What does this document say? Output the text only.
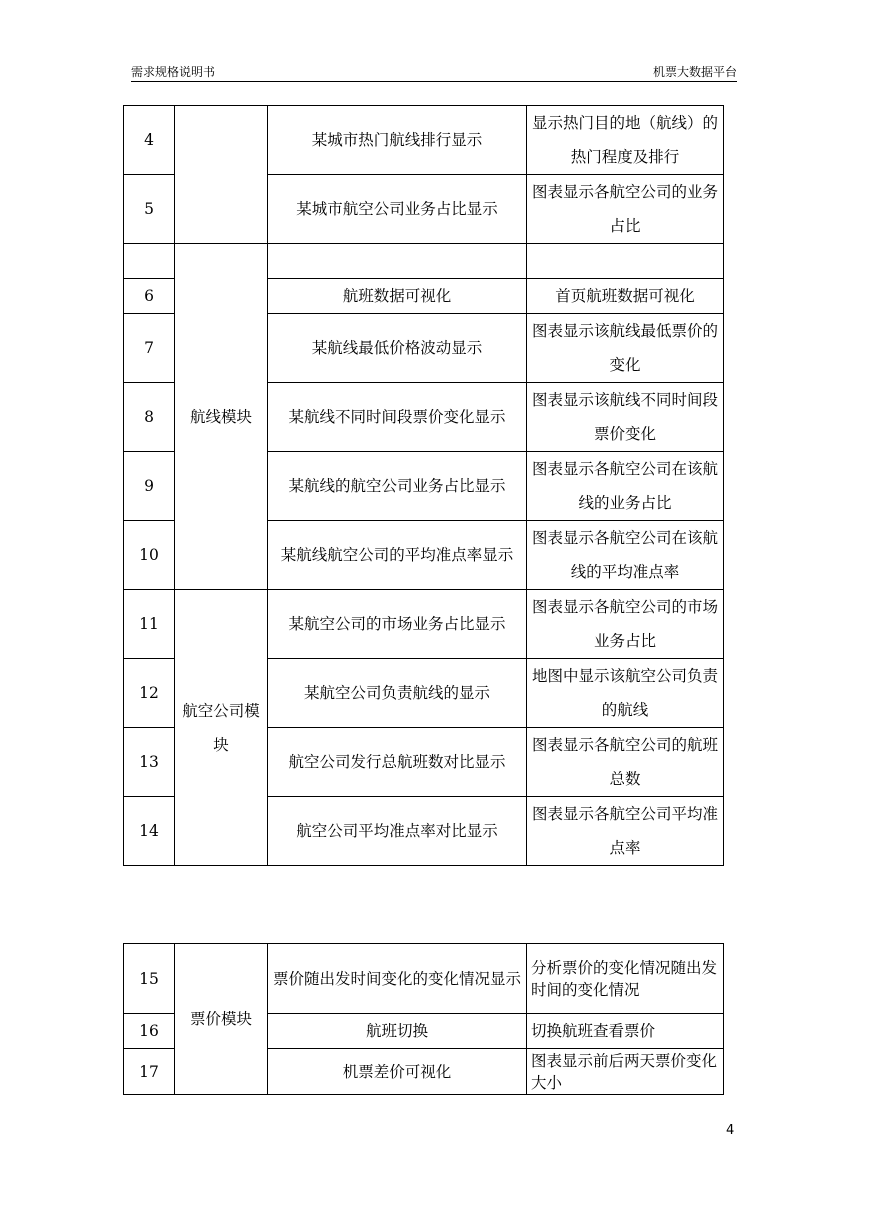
需求规格说明书	机票大数据平台
4		某城市热门航线排行显示	显示热门目的地（航线）的热门程度及排行
5		某城市航空公司业务占比显示	图表显示各航空公司的业务占比
	航线模块		
6		航班数据可视化	首页航班数据可视化
7		某航线最低价格波动显示	图表显示该航线最低票价的变化
8		某航线不同时间段票价变化显示	图表显示该航线不同时间段票价变化
9		某航线的航空公司业务占比显示	图表显示各航空公司在该航线的业务占比
10		某航线航空公司的平均准点率显示	图表显示各航空公司在该航线的平均准点率
11	航空公司模块	某航空公司的市场业务占比显示	图表显示各航空公司的市场业务占比
12		某航空公司负责航线的显示	地图中显示该航空公司负责的航线
13		航空公司发行总航班数对比显示	图表显示各航空公司的航班总数
14		航空公司平均准点率对比显示	图表显示各航空公司平均准点率
15	票价模块	票价随出发时间变化的变化情况显示	分析票价的变化情况随出发时间的变化情况
16		航班切换	切换航班查看票价
17		机票差价可视化	图表显示前后两天票价变化大小
4
